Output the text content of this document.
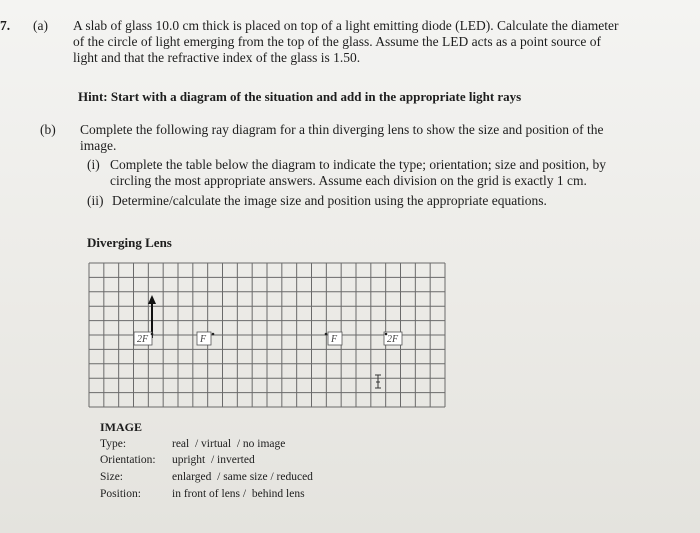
7. (a) A slab of glass 10.0 cm thick is placed on top of a light emitting diode (LED). Calculate the diameter
of the circle of light emerging from the top of the glass. Assume the LED acts as a point source of
light and that the refractive index of the glass is 1.50.
Hint: Start with a diagram of the situation and add in the appropriate light rays
(b) Complete the following ray diagram for a thin diverging lens to show the size and position of the
image.
(i) Complete the table below the diagram to indicate the type; orientation; size and position, by
circling the most appropriate answers. Assume each division on the grid is exactly 1 cm.
(ii) Determine/calculate the image size and position using the appropriate equations.
Diverging Lens
2F	F	F	2F
IMAGE
Type:	real  / virtual  / no image
Orientation: upright  / inverted
Size:	enlarged  / same size / reduced
Position:	in front of lens /  behind lens
